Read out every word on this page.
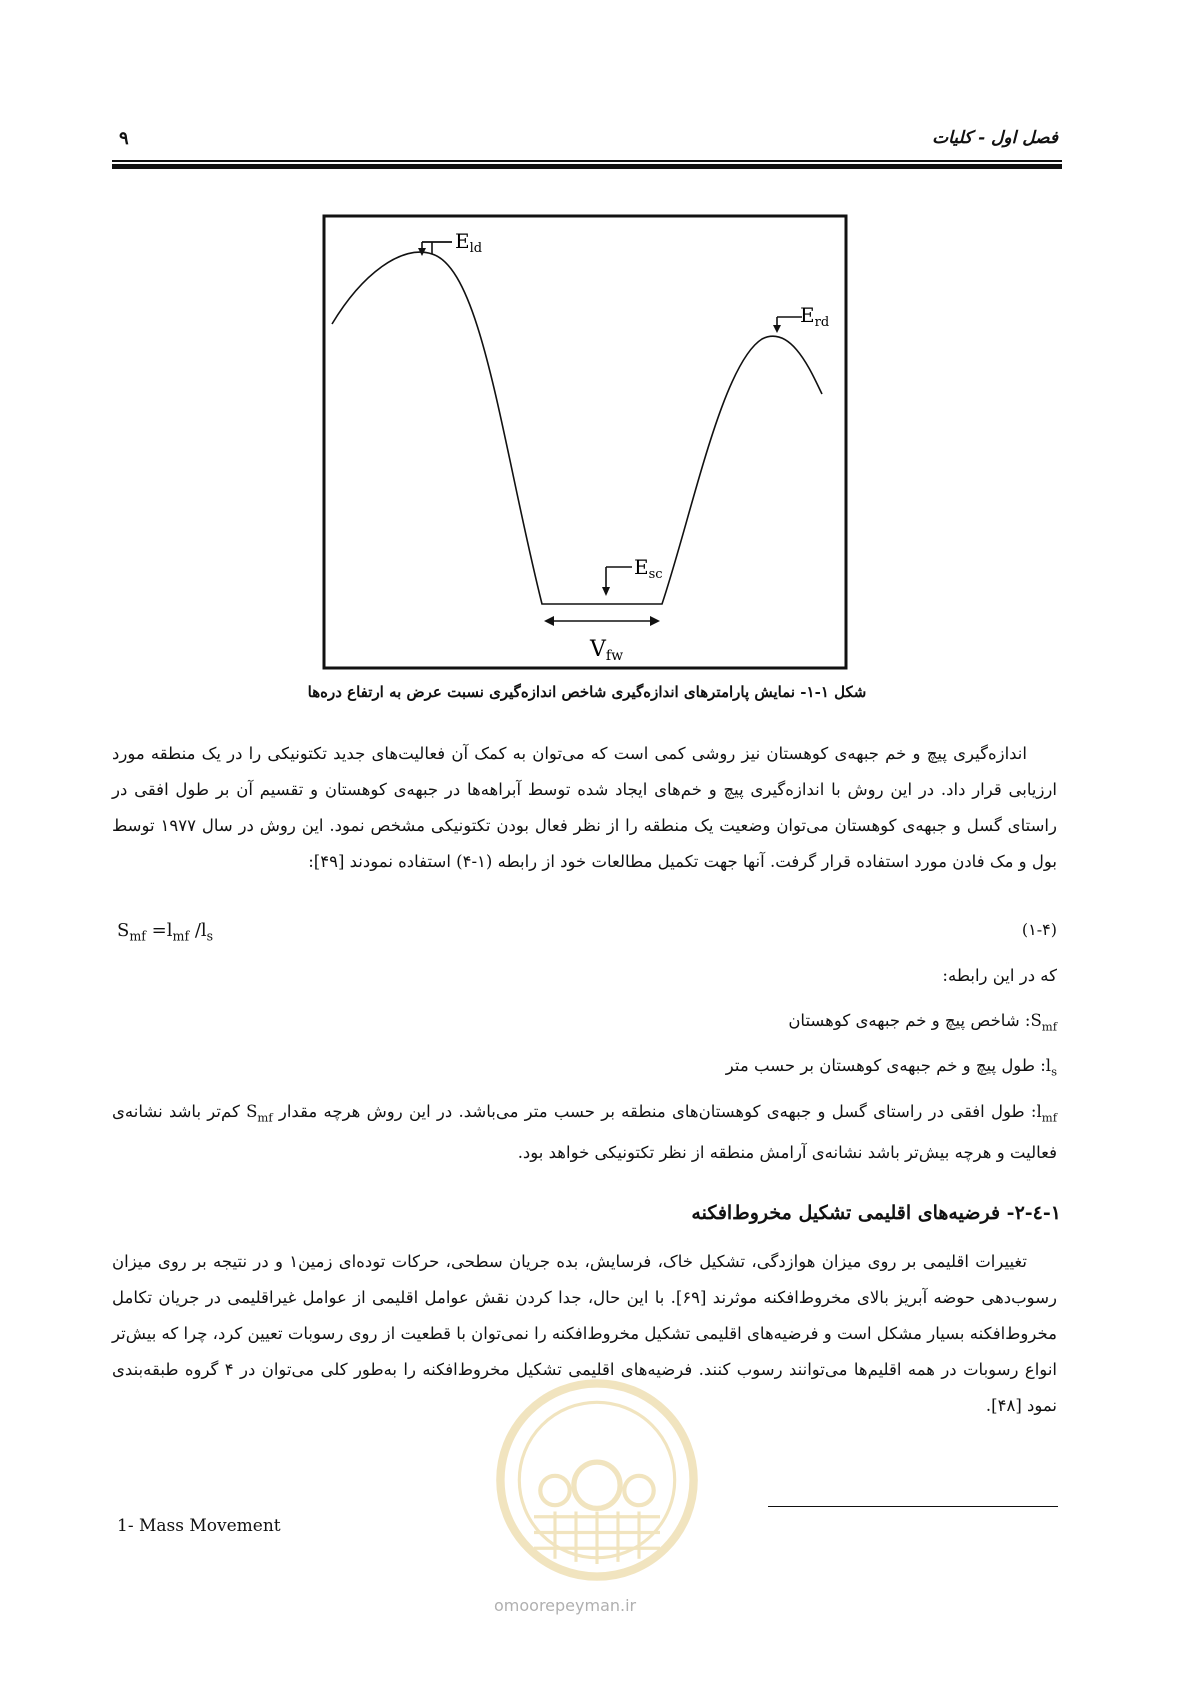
فصل اول - کلیات
۹
$E_{ld}$
$E_{rd}$
$E_{sc}$
Vfw
شکل ۱-۱- نمایش پارامترهای اندازه‌گیری شاخص اندازه‌گیری نسبت عرض به ارتفاع دره‌ها
اندازه‌گیری پیچ و خم جبهه‌ی کوهستان نیز روشی کمی است که می‌توان به کمک آن فعالیت‌های جدید تکتونیکی را در یک منطقه مورد ارزیابی قرار داد. در این روش با اندازه‌گیری پیچ و خم‌های ایجاد شده توسط آبراهه‌ها در جبهه‌ی کوهستان و تقسیم آن بر طول افقی در راستای گسل و جبهه‌ی کوهستان می‌توان وضعیت یک منطقه را از نظر فعال بودن تکتونیکی مشخص نمود. این روش در سال ۱۹۷۷ توسط بول و مک فادن مورد استفاده قرار گرفت. آنها جهت تکمیل مطالعات خود از رابطه (۱-۴) استفاده نمودند [۴۹]:
$S_{mf} =l_{mf}$ $/l_s$	(۱-۴)
که در این رابطه:
$S_{mf}$: شاخص پیچ و خم جبهه‌ی کوهستان
$l_s$: طول پیچ و خم جبهه‌ی کوهستان بر حسب متر
$l_{mf}$: طول افقی در راستای گسل و جبهه‌ی کوهستان‌های منطقه بر حسب متر می‌باشد. در این روش هرچه مقدار $S_{mf}$ کم‌تر باشد نشانه‌ی فعالیت و هرچه بیش‌تر باشد نشانه‌ی آرامش منطقه از نظر تکتونیکی خواهد بود.
۱-٤-۲- فرضیه‌های اقلیمی تشکیل مخروط‌افکنه
تغییرات اقلیمی بر روی میزان هوازدگی، تشکیل خاک، فرسایش، بده جریان سطحی، حرکات توده‌ای زمین۱ و در نتیجه بر روی میزان رسوب‌دهی حوضه آبریز بالای مخروط‌افکنه موثرند [۶۹]. با این حال، جدا کردن نقش عوامل اقلیمی از عوامل غیراقلیمی در جریان تکامل مخروط‌افکنه بسیار مشکل است و فرضیه‌های اقلیمی تشکیل مخروط‌افکنه را نمی‌توان با قطعیت از روی رسوبات تعیین کرد، چرا که بیش‌تر انواع رسوبات در همه اقلیم‌ها می‌توانند رسوب کنند. فرضیه‌های اقلیمی تشکیل مخروط‌افکنه را به‌طور کلی می‌توان در ۴ گروه طبقه‌بندی نمود [۴۸].
1- Mass Movement
omoorepeyman.ir
